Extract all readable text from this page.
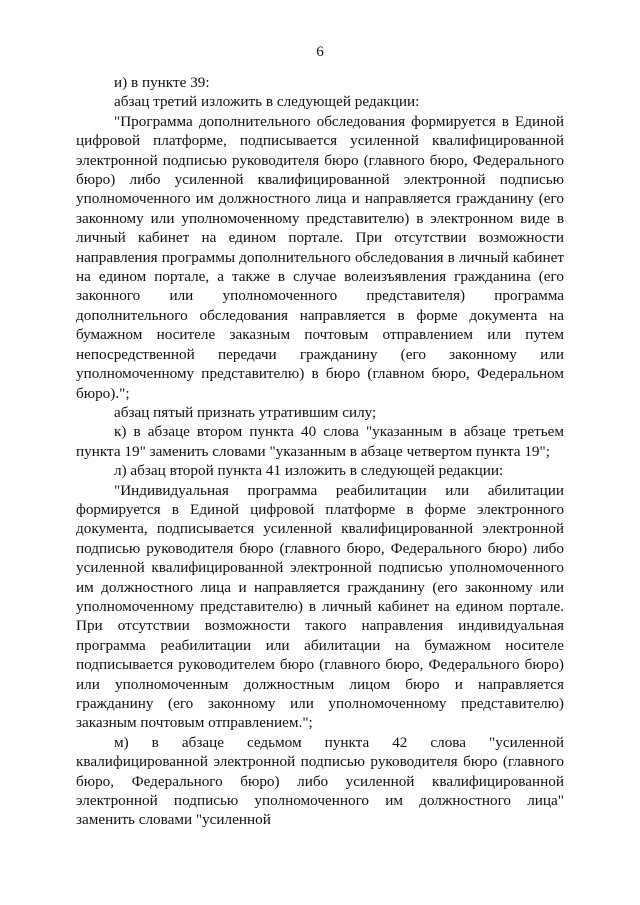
6

и) в пункте 39:

абзац третий изложить в следующей редакции:

"Программа дополнительного обследования формируется в Единой цифровой платформе, подписывается усиленной квалифицированной электронной подписью руководителя бюро (главного бюро, Федерального бюро) либо усиленной квалифицированной электронной подписью уполномоченного им должностного лица и направляется гражданину (его законному или уполномоченному представителю) в электронном виде в личный кабинет на едином портале. При отсутствии возможности направления программы дополнительного обследования в личный кабинет на едином портале, а также в случае волеизъявления гражданина (его законного или уполномоченного представителя) программа дополнительного обследования направляется в форме документа на бумажном носителе заказным почтовым отправлением или путем непосредственной передачи гражданину (его законному или уполномоченному представителю) в бюро (главном бюро, Федеральном бюро).";

абзац пятый признать утратившим силу;

к) в абзаце втором пункта 40 слова "указанным в абзаце третьем пункта 19" заменить словами "указанным в абзаце четвертом пункта 19";

л) абзац второй пункта 41 изложить в следующей редакции:

"Индивидуальная программа реабилитации или абилитации формируется в Единой цифровой платформе в форме электронного документа, подписывается усиленной квалифицированной электронной подписью руководителя бюро (главного бюро, Федерального бюро) либо усиленной квалифицированной электронной подписью уполномоченного им должностного лица и направляется гражданину (его законному или уполномоченному представителю) в личный кабинет на едином портале. При отсутствии возможности такого направления индивидуальная программа реабилитации или абилитации на бумажном носителе подписывается руководителем бюро (главного бюро, Федерального бюро) или уполномоченным должностным лицом бюро и направляется гражданину (его законному или уполномоченному представителю) заказным почтовым отправлением.";

м) в абзаце седьмом пункта 42 слова "усиленной квалифицированной электронной подписью руководителя бюро (главного бюро, Федерального бюро) либо усиленной квалифицированной электронной подписью уполномоченного им должностного лица" заменить словами "усиленной
